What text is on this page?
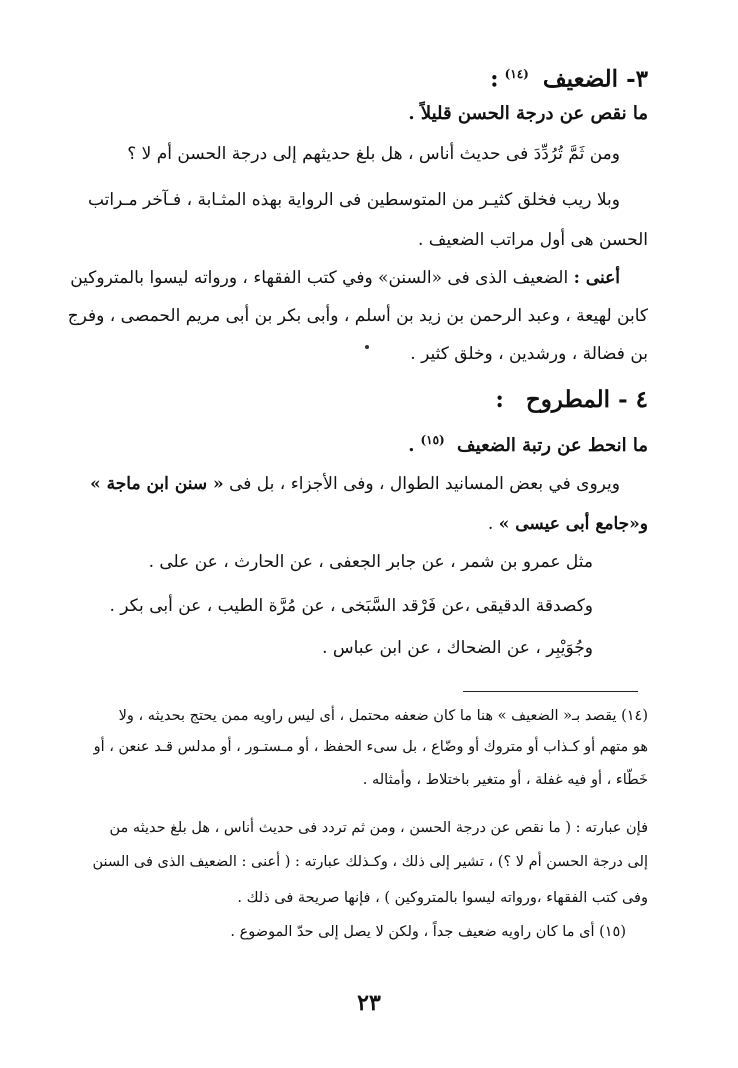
٣- الضعيف $^{(١٤)}$:
ما نقص عن درجة الحسن قليلاً .
ومن ثَمَّ تُرُدِّدَ فى حديث أناس ، هل بلغ حديثهم إلى درجة الحسن أم لا ؟
وبلا ريب فخلق كثيـر من المتوسطين فى الرواية بهذه المثـابة ، فـآخر مـراتب
الحسن هى أول مراتب الضعيف .
أعنى : الضعيف الذى فى «السنن» وفي كتب الفقهاء ، ورواته ليسوا بالمتروكين
كابن لهيعة ، وعبد الرحمن بن زيد بن أسلم ، وأبى بكر بن أبى مريم الحمصى ، وفرج
بن فضالة ، ورشدين ، وخلق كثير .
٤ - المطروح :
ما انحط عن رتبة الضعيف $^{(١٥)}$.
ويروى في بعض المسانيد الطوال ، وفى الأجزاء ، بل فى « سنن ابن ماجة »
و«جامع أبى عيسى » .
مثل عمرو بن شمر ، عن جابر الجعفى ، عن الحارث ، عن على .
وكصدقة الدقيقى ،عن فَرْقد السَّبَخى ، عن مُرَّة الطيب ، عن أبى بكر .
وجُوَيْبِر ، عن الضحاك ، عن ابن عباس .
(١٤) يقصد بـ« الضعيف » هنا ما كان ضعفه محتمل ، أى ليس راويه ممن يحتج بحديثه ، ولا
هو متهم أو كـذاب أو متروك أو وضّاع ، بل سىء الحفظ ، أو مـستـور ، أو مدلس قـد عنعن ، أو
خَطّاء ، أو فيه غفلة ، أو متغير باختلاط ، وأمثاله .
فإن عبارته : ( ما نقص عن درجة الحسن ، ومن ثم تردد فى حديث أناس ، هل بلغ حديثه من
إلى درجة الحسن أم لا ؟) ، تشير إلى ذلك ، وكـذلك عبارته : ( أعنى : الضعيف الذى فى السنن
وفى كتب الفقهاء ،ورواته ليسوا بالمتروكين ) ، فإنها صريحة فى ذلك .
(١٥) أى ما كان راويه ضعيف جداً ، ولكن لا يصل إلى حدّ الموضوع .
٢٣
